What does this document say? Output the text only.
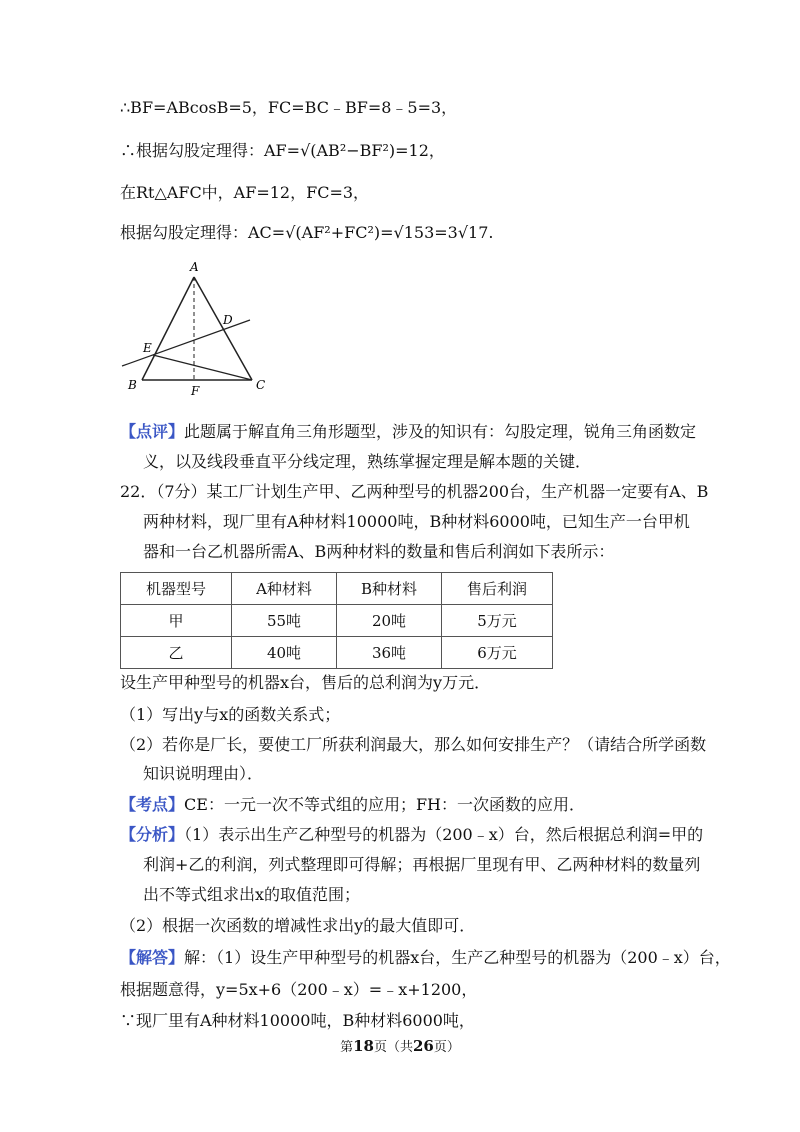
∴BF=ABcosB=5，FC=BC﹣BF=8﹣5=3，
∴根据勾股定理得：AF=√(AB²−BF²)=12，
在Rt△AFC中，AF=12，FC=3，
根据勾股定理得：AC=√(AF²+FC²)=√153=3√17.
A
B	C
D
E
F
【点评】此题属于解直角三角形题型，涉及的知识有：勾股定理，锐角三角函数定
义，以及线段垂直平分线定理，熟练掌握定理是解本题的关键．
22．（7分）某工厂计划生产甲、乙两种型号的机器200台，生产机器一定要有A、B
两种材料，现厂里有A种材料10000吨，B种材料6000吨，已知生产一台甲机
器和一台乙机器所需A、B两种材料的数量和售后利润如下表所示：
机器型号	A种材料	B种材料	售后利润
甲	55吨	20吨	5万元
乙	40吨	36吨	6万元
设生产甲种型号的机器x台，售后的总利润为y万元．
（1）写出y与x的函数关系式；
（2）若你是厂长，要使工厂所获利润最大，那么如何安排生产？（请结合所学函数
知识说明理由）．
【考点】CE：一元一次不等式组的应用；FH：一次函数的应用．
【分析】（1）表示出生产乙种型号的机器为（200﹣x）台，然后根据总利润=甲的
利润+乙的利润，列式整理即可得解；再根据厂里现有甲、乙两种材料的数量列
出不等式组求出x的取值范围；
（2）根据一次函数的增减性求出y的最大值即可．
【解答】解：（1）设生产甲种型号的机器x台，生产乙种型号的机器为（200﹣x）台，
根据题意得，y=5x+6（200﹣x）=﹣x+1200，
∵现厂里有A种材料10000吨，B种材料6000吨，
第18页（共26页）
